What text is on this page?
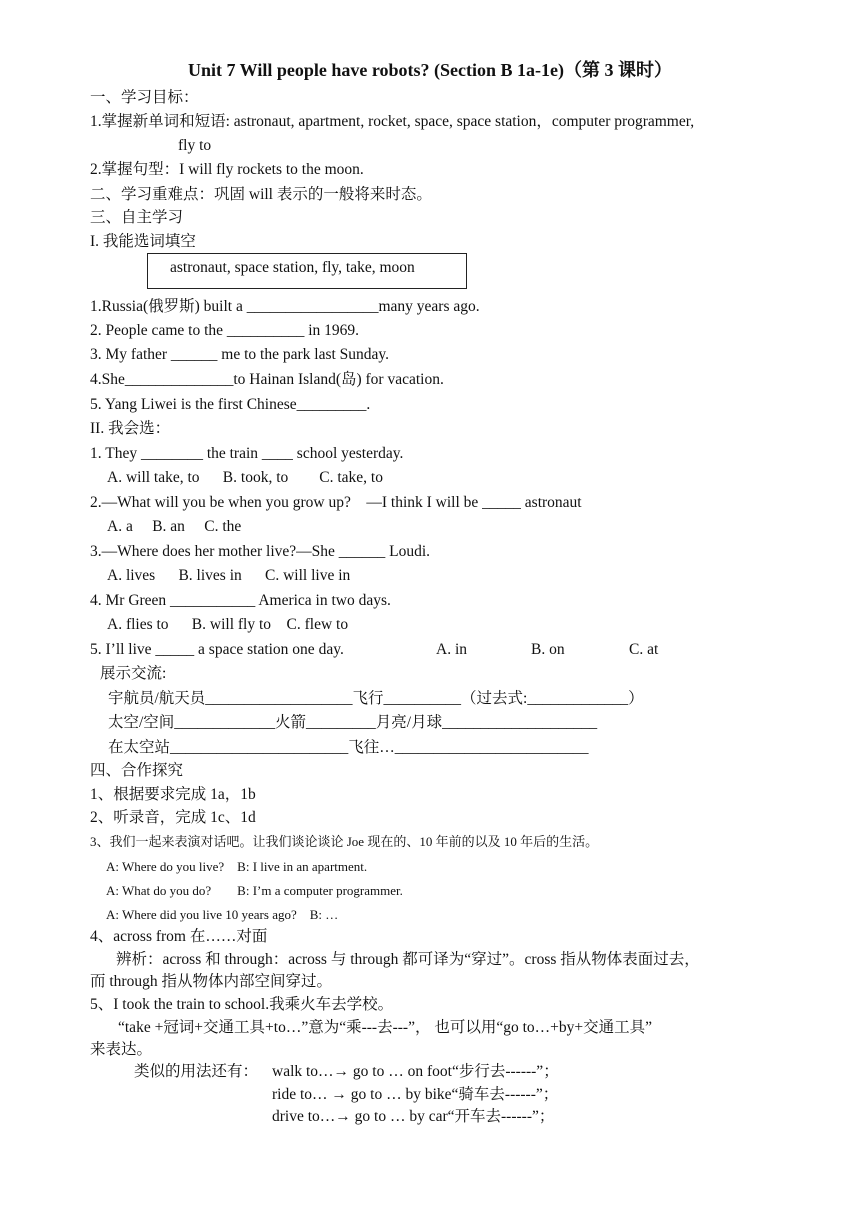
Unit 7 Will people have robots? (Section B 1a-1e)（第 3 课时）
一、学习目标：
1.掌握新单词和短语: astronaut, apartment, rocket, space, space station，computer programmer,
fly to
2.掌握句型：I will fly rockets to the moon.
二、学习重难点：巩固 will 表示的一般将来时态。
三、自主学习
I. 我能选词填空
astronaut, space station, fly, take, moon
1.Russia(俄罗斯) built a _________________many years ago.
2. People came to the __________ in 1969.
3. My father ______ me to the park last Sunday.
4.She______________to Hainan Island(岛) for vacation.
5. Yang Liwei is the first Chinese_________.
II. 我会选：
1. They ________ the train ____ school yesterday.
A. will take, to      B. took, to        C. take, to
2.—What will you be when you grow up?    —I think I will be _____ astronaut
A. a     B. an     C. the
3.—Where does her mother live?—She ______ Loudi.
A. lives      B. lives in      C. will live in
4. Mr Green ___________ America in two days.
A. flies to      B. will fly to    C. flew to
5. I’ll live _____ a space station one day.	A. in	B. on	C. at
展示交流:
宇航员/航天员___________________飞行__________（过去式:_____________）
太空/空间_____________火箭_________月亮/月球____________________
在太空站_______________________飞往…_________________________
四、合作探究
1、根据要求完成 1a，1b
2、听录音，完成 1c、1d
3、我们一起来表演对话吧。让我们谈论谈论 Joe 现在的、10 年前的以及 10 年后的生活。
A: Where do you live?    B: I live in an apartment.
A: What do you do?        B: I’m a computer programmer.
A: Where did you live 10 years ago?    B: …
4、across from 在……对面
辨析：across 和 through：across 与 through 都可译为“穿过”。cross 指从物体表面过去，
而 through 指从物体内部空间穿过。
5、I took the train to school.我乘火车去学校。
“take +冠词+交通工具+to…”意为“乘---去---”， 也可以用“go to…+by+交通工具”
来表达。
类似的用法还有： walk to…→ go to … on foot“步行去------”；
ride to… → go to … by bike“骑车去------”；
drive to…→ go to … by car“开车去------”；
